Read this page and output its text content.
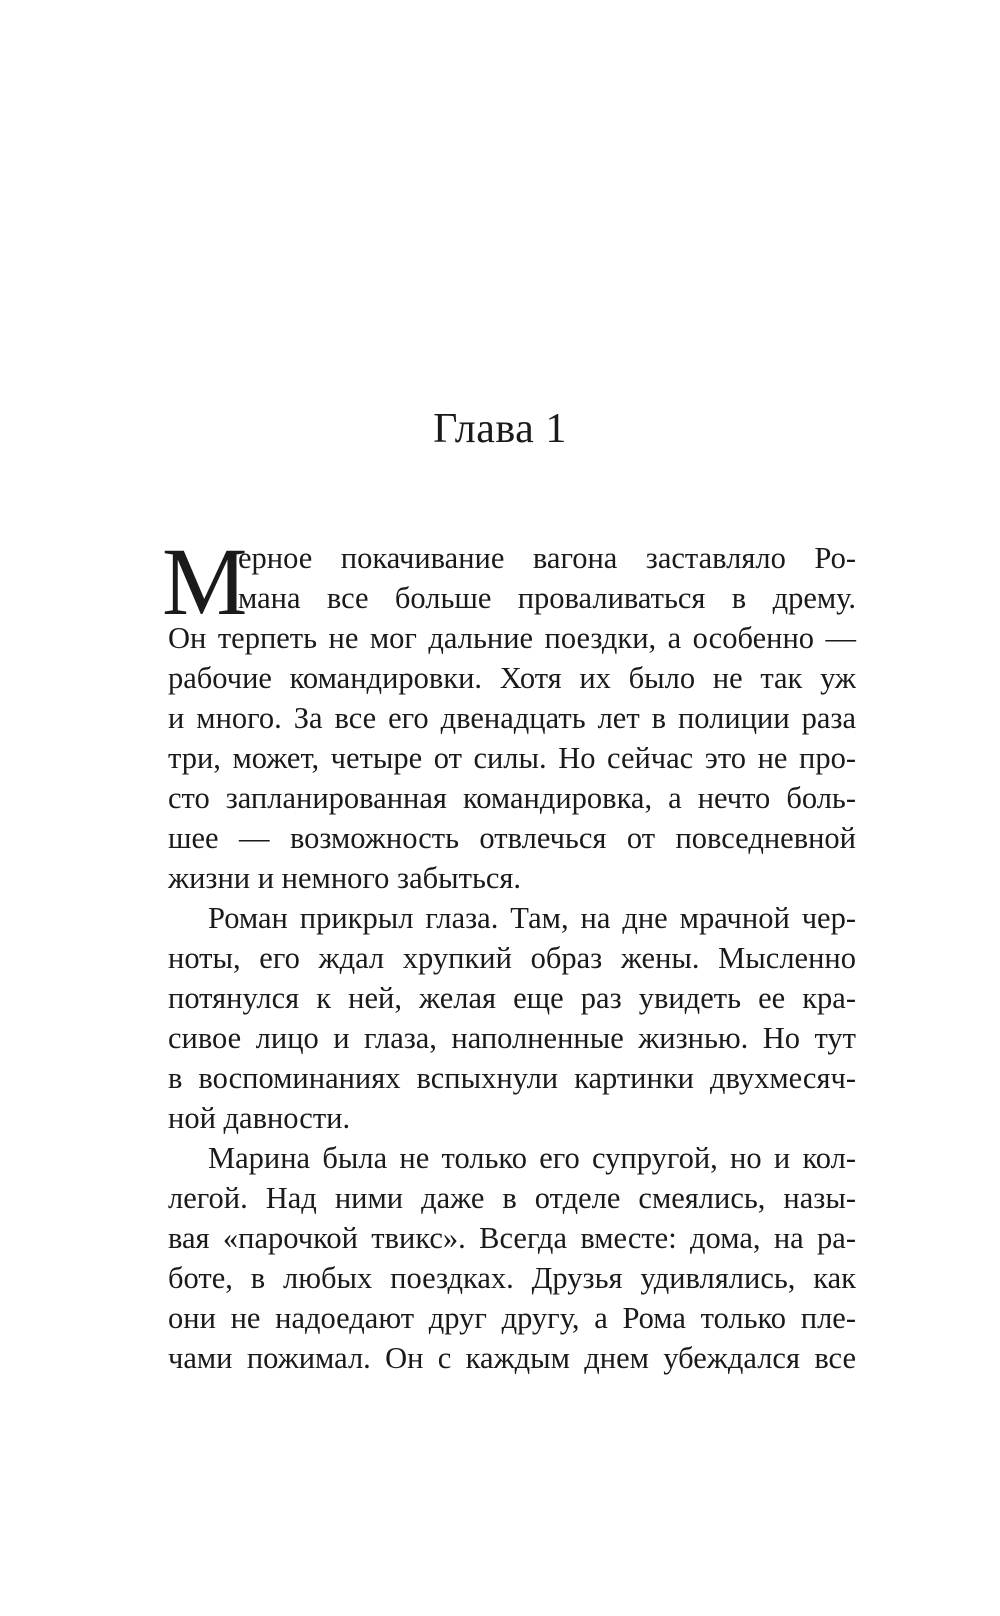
Глава 1
М
ерное покачивание вагона заставляло Ро-
мана все больше проваливаться в дрему.
Он терпеть не мог дальние поездки, а особенно —
рабочие командировки. Хотя их было не так уж
и много. За все его двенадцать лет в полиции раза
три, может, четыре от силы. Но сейчас это не про-
сто запланированная командировка, а нечто боль-
шее — возможность отвлечься от повседневной
жизни и немного забыться.
Роман прикрыл глаза. Там, на дне мрачной чер-
ноты, его ждал хрупкий образ жены. Мысленно
потянулся к ней, желая еще раз увидеть ее кра-
сивое лицо и глаза, наполненные жизнью. Но тут
в воспоминаниях вспыхнули картинки двухмесяч-
ной давности.
Марина была не только его супругой, но и кол-
легой. Над ними даже в отделе смеялись, назы-
вая «парочкой твикс». Всегда вместе: дома, на ра-
боте, в любых поездках. Друзья удивлялись, как
они не надоедают друг другу, а Рома только пле-
чами пожимал. Он с каждым днем убеждался все
